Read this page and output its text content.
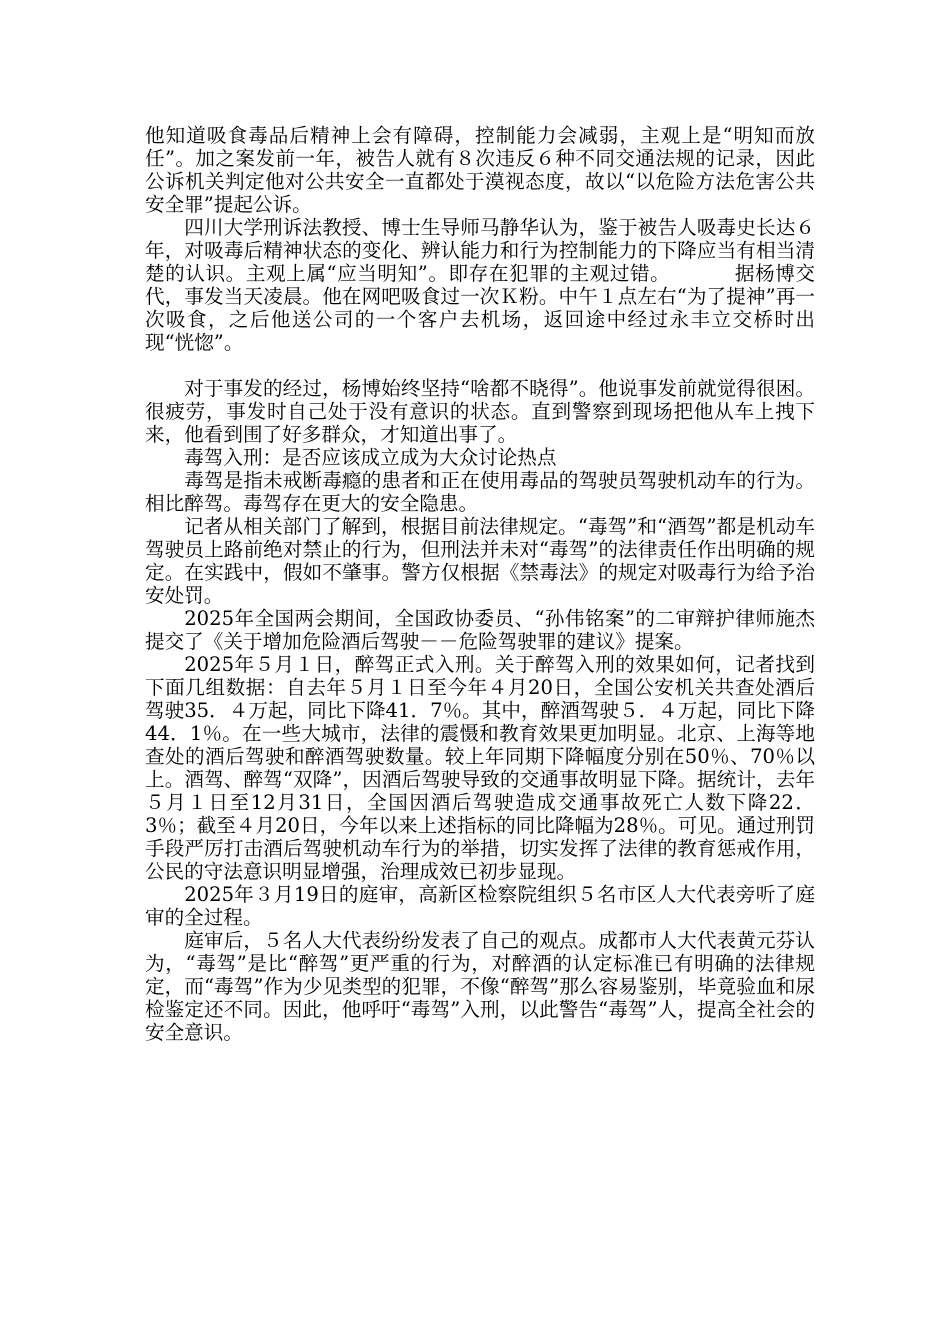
他知道吸食毒品后精神上会有障碍，控制能力会减弱，主观上是“明知而放任”。加之案发前一年，被告人就有８次违反６种不同交通法规的记录，因此公诉机关判定他对公共安全一直都处于漠视态度，故以“以危险方法危害公共安全罪”提起公诉。

四川大学刑诉法教授、博士生导师马静华认为，鉴于被告人吸毒史长达６年，对吸毒后精神状态的变化、辨认能力和行为控制能力的下降应当有相当清楚的认识。主观上属“应当明知”。即存在犯罪的主观过错。	据杨博交代，事发当天凌晨。他在网吧吸食过一次Ｋ粉。中午１点左右“为了提神”再一次吸食，之后他送公司的一个客户去机场，返回途中经过永丰立交桥时出现“恍惚”。

对于事发的经过，杨博始终坚持“啥都不晓得”。他说事发前就觉得很困。很疲劳，事发时自己处于没有意识的状态。直到警察到现场把他从车上拽下来，他看到围了好多群众，才知道出事了。

毒驾入刑：是否应该成立成为大众讨论热点

毒驾是指未戒断毒瘾的患者和正在使用毒品的驾驶员驾驶机动车的行为。相比醉驾。毒驾存在更大的安全隐患。

记者从相关部门了解到，根据目前法律规定。“毒驾”和“酒驾”都是机动车驾驶员上路前绝对禁止的行为，但刑法并未对“毒驾”的法律责任作出明确的规定。在实践中，假如不肇事。警方仅根据《禁毒法》的规定对吸毒行为给予治安处罚。

2025年全国两会期间，全国政协委员、“孙伟铭案”的二审辩护律师施杰提交了《关于增加危险酒后驾驶－－危险驾驶罪的建议》提案。

2025年５月１日，醉驾正式入刑。关于醉驾入刑的效果如何，记者找到下面几组数据：自去年５月１日至今年４月20日，全国公安机关共查处酒后驾驶35．４万起，同比下降41．7％。其中，醉酒驾驶５．４万起，同比下降44．1％。在一些大城市，法律的震慑和教育效果更加明显。北京、上海等地查处的酒后驾驶和醉酒驾驶数量。较上年同期下降幅度分别在50％、70％以上。酒驾、醉驾“双降”，因酒后驾驶导致的交通事故明显下降。据统计，去年５月１日至12月31日，全国因酒后驾驶造成交通事故死亡人数下降22．3％；截至４月20日，今年以来上述指标的同比降幅为28％。可见。通过刑罚手段严厉打击酒后驾驶机动车行为的举措，切实发挥了法律的教育惩戒作用，公民的守法意识明显增强，治理成效已初步显现。

2025年３月19日的庭审，高新区检察院组织５名市区人大代表旁听了庭审的全过程。

庭审后，５名人大代表纷纷发表了自己的观点。成都市人大代表黄元芬认为，“毒驾”是比“醉驾”更严重的行为，对醉酒的认定标准已有明确的法律规定，而“毒驾”作为少见类型的犯罪，不像“醉驾”那么容易鉴别，毕竟验血和尿检鉴定还不同。因此，他呼吁“毒驾”入刑，以此警告“毒驾”人，提高全社会的安全意识。
